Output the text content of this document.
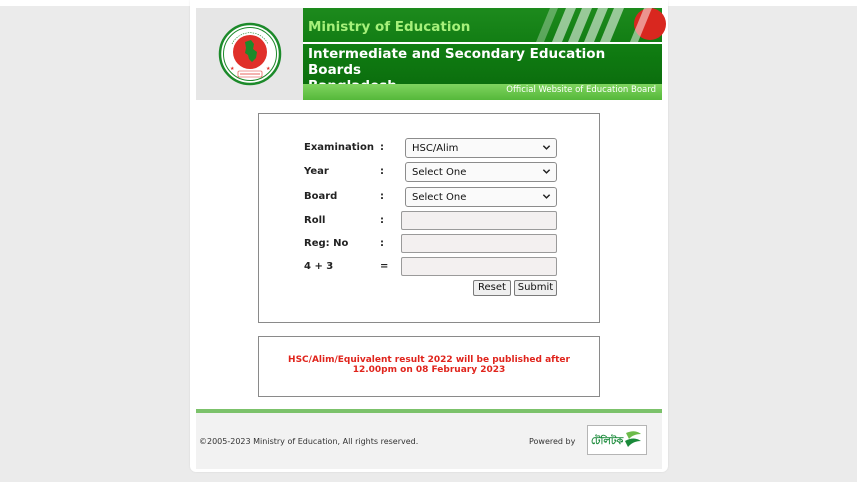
★	★
Ministry of Education
Intermediate and Secondary Education Boards
Official Website of Education Board
Examination :	HSC/Alim
Year	:	Select One
Board	:	Select One
Roll	:
Reg: No	:
4 + 3	=
Reset	Submit
HSC/Alim/Equivalent result 2022 will be published after
12.00pm on 08 February 2023
©2005-2023 Ministry of Education, All rights reserved.	Powered by টেলিটক
